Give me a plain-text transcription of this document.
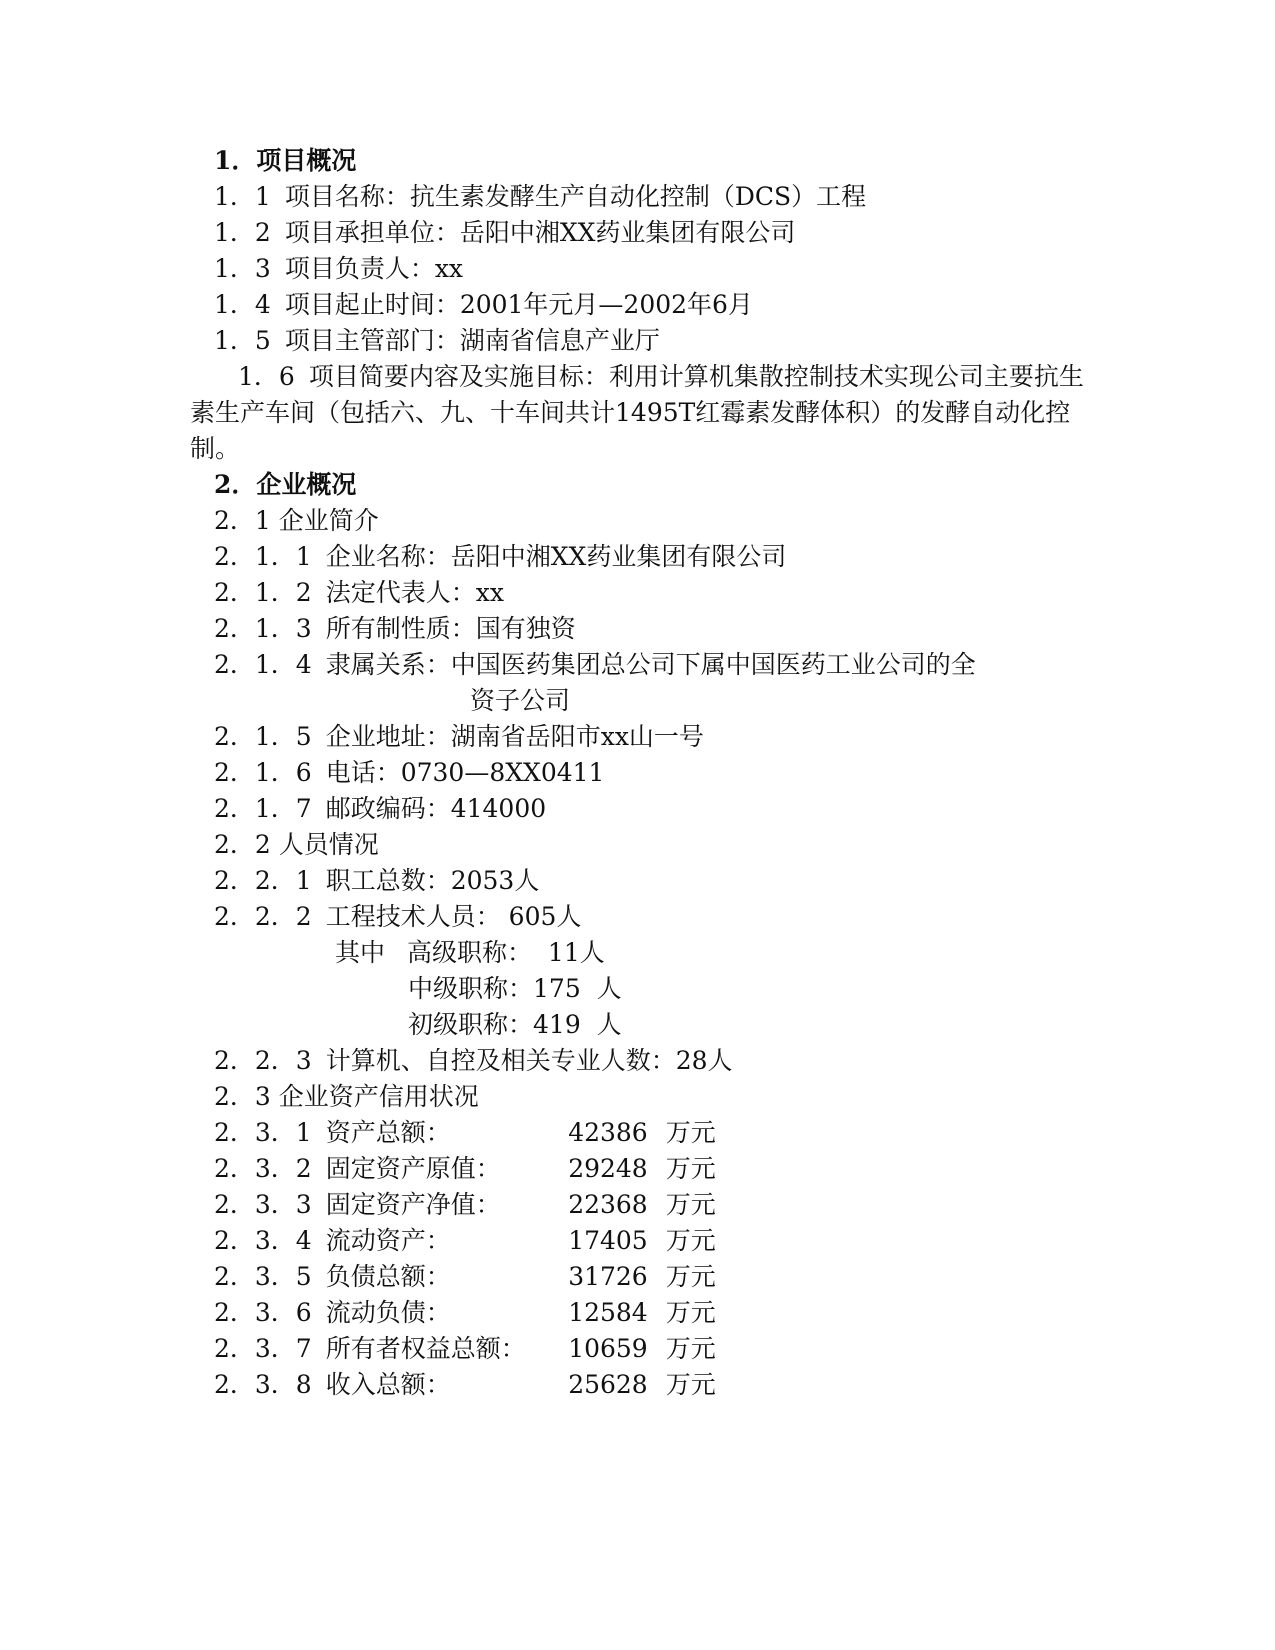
1．项目概况
1．1 项目名称：抗生素发酵生产自动化控制（DCS）工程
1．2 项目承担单位：岳阳中湘XX药业集团有限公司
1．3 项目负责人：xx
1．4 项目起止时间：2001年元月—2002年6月
1．5 项目主管部门：湖南省信息产业厅
1．6 项目简要内容及实施目标：利用计算机集散控制技术实现公司主要抗生素生产车间（包括六、九、十车间共计1495T红霉素发酵体积）的发酵自动化控制。
2．企业概况
2．1 企业简介
2．1．1 企业名称：岳阳中湘XX药业集团有限公司
2．1．2 法定代表人：xx
2．1．3 所有制性质：国有独资
2．1．4 隶属关系：中国医药集团总公司下属中国医药工业公司的全
资子公司
2．1．5 企业地址：湖南省岳阳市xx山一号
2．1．6 电话：0730—8XX0411
2．1．7 邮政编码：414000
2．2 人员情况
2．2．1 职工总数：2053人
2．2．2 工程技术人员： 605人
其中 高级职称：  11人
中级职称：175  人
初级职称：419  人
2．2．3 计算机、自控及相关专业人数：28人
2．3 企业资产信用状况
2．3．1 资产总额：	42386 万元
2．3．2 固定资产原值：	29248 万元
2．3．3 固定资产净值：	22368 万元
2．3．4 流动资产：	17405 万元
2．3．5 负债总额：	31726 万元
2．3．6 流动负债：	12584 万元
2．3．7 所有者权益总额： 10659 万元
2．3．8 收入总额：	25628 万元
